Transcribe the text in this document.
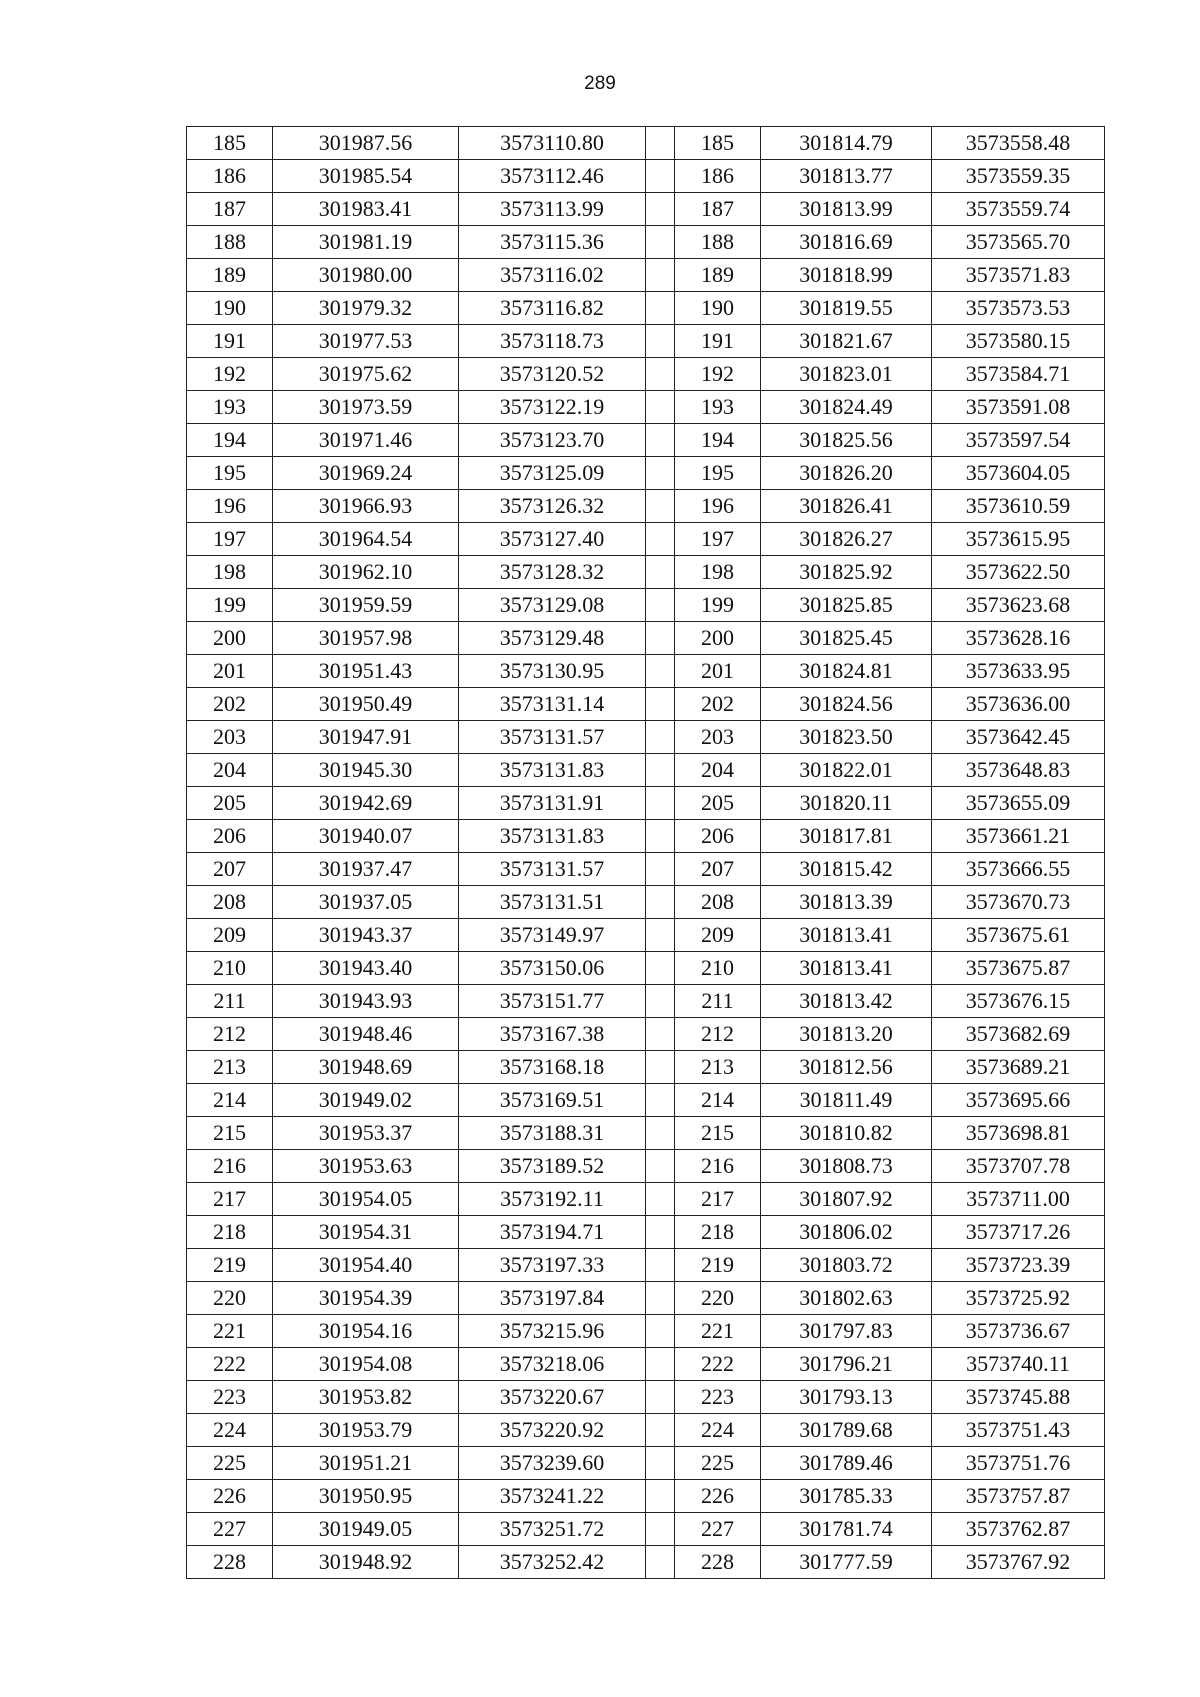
289
185	301987.56	3573110.80		185	301814.79	3573558.48
186	301985.54	3573112.46		186	301813.77	3573559.35
187	301983.41	3573113.99		187	301813.99	3573559.74
188	301981.19	3573115.36		188	301816.69	3573565.70
189	301980.00	3573116.02		189	301818.99	3573571.83
190	301979.32	3573116.82		190	301819.55	3573573.53
191	301977.53	3573118.73		191	301821.67	3573580.15
192	301975.62	3573120.52		192	301823.01	3573584.71
193	301973.59	3573122.19		193	301824.49	3573591.08
194	301971.46	3573123.70		194	301825.56	3573597.54
195	301969.24	3573125.09		195	301826.20	3573604.05
196	301966.93	3573126.32		196	301826.41	3573610.59
197	301964.54	3573127.40		197	301826.27	3573615.95
198	301962.10	3573128.32		198	301825.92	3573622.50
199	301959.59	3573129.08		199	301825.85	3573623.68
200	301957.98	3573129.48		200	301825.45	3573628.16
201	301951.43	3573130.95		201	301824.81	3573633.95
202	301950.49	3573131.14		202	301824.56	3573636.00
203	301947.91	3573131.57		203	301823.50	3573642.45
204	301945.30	3573131.83		204	301822.01	3573648.83
205	301942.69	3573131.91		205	301820.11	3573655.09
206	301940.07	3573131.83		206	301817.81	3573661.21
207	301937.47	3573131.57		207	301815.42	3573666.55
208	301937.05	3573131.51		208	301813.39	3573670.73
209	301943.37	3573149.97		209	301813.41	3573675.61
210	301943.40	3573150.06		210	301813.41	3573675.87
211	301943.93	3573151.77		211	301813.42	3573676.15
212	301948.46	3573167.38		212	301813.20	3573682.69
213	301948.69	3573168.18		213	301812.56	3573689.21
214	301949.02	3573169.51		214	301811.49	3573695.66
215	301953.37	3573188.31		215	301810.82	3573698.81
216	301953.63	3573189.52		216	301808.73	3573707.78
217	301954.05	3573192.11		217	301807.92	3573711.00
218	301954.31	3573194.71		218	301806.02	3573717.26
219	301954.40	3573197.33		219	301803.72	3573723.39
220	301954.39	3573197.84		220	301802.63	3573725.92
221	301954.16	3573215.96		221	301797.83	3573736.67
222	301954.08	3573218.06		222	301796.21	3573740.11
223	301953.82	3573220.67		223	301793.13	3573745.88
224	301953.79	3573220.92		224	301789.68	3573751.43
225	301951.21	3573239.60		225	301789.46	3573751.76
226	301950.95	3573241.22		226	301785.33	3573757.87
227	301949.05	3573251.72		227	301781.74	3573762.87
228	301948.92	3573252.42		228	301777.59	3573767.92
